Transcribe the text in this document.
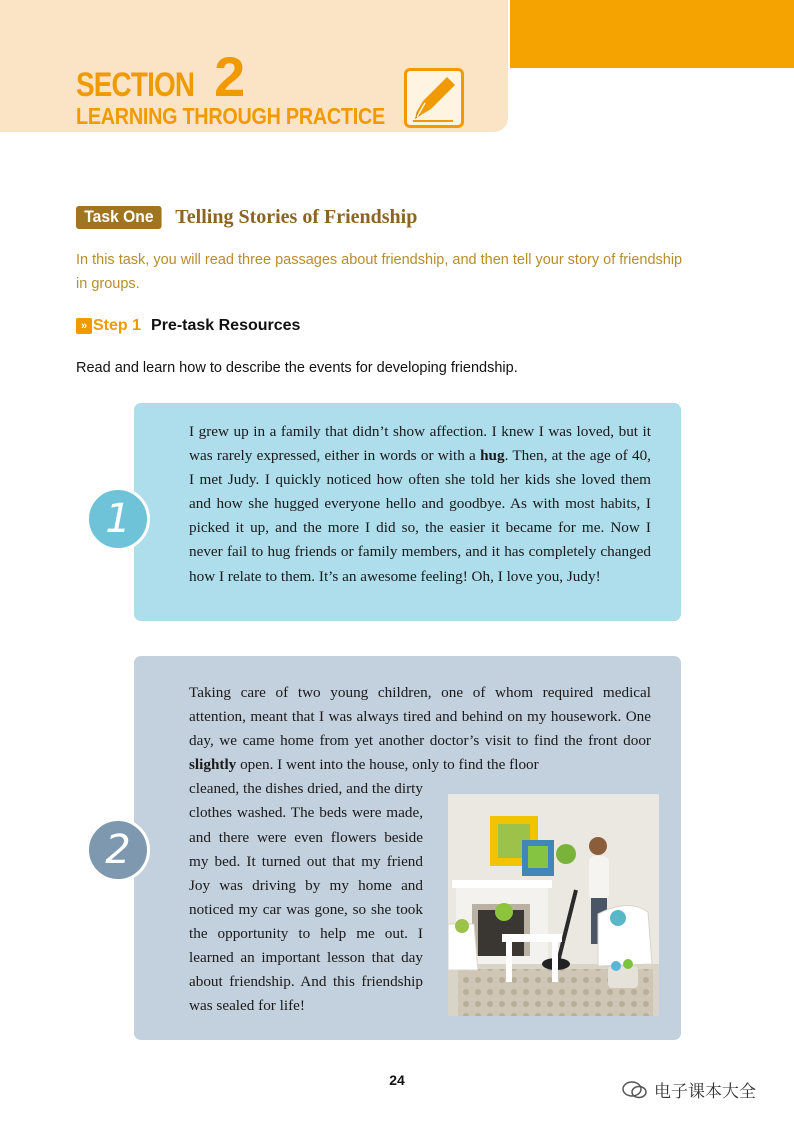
SECTION 2
LEARNING THROUGH PRACTICE
Task One	Telling Stories of Friendship

In this task, you will read three passages about friendship, and then tell your story of friendship in groups.

» Step 1 Pre-task Resources

Read and learn how to describe the events for developing friendship.

I grew up in a family that didn’t show affection. I knew I was loved, but it was rarely expressed, either in words or with a hug. Then, at the age of 40, I met Judy. I quickly noticed how often she told her kids she loved them and how she hugged everyone hello and goodbye. As with most habits, I picked it up, and the more I did so, the easier it became for me. Now I never fail to hug friends or family members, and it has completely changed how I relate to them. It’s an awesome feeling! Oh, I love you, Judy!

1

Taking care of two young children, one of whom required medical attention, meant that I was always tired and behind on my housework. One day, we came home from yet another doctor’s visit to find the front door slightly open. I went into the house, only to find the floor

cleaned, the dishes dried, and the dirty clothes washed. The beds were made, and there were even flowers beside my bed. It turned out that my friend Joy was driving by my home and noticed my car was gone, so she took the opportunity to help me out. I learned an important lesson that day about friendship. And this friendship was sealed for life!

2
24
电子课本大全
